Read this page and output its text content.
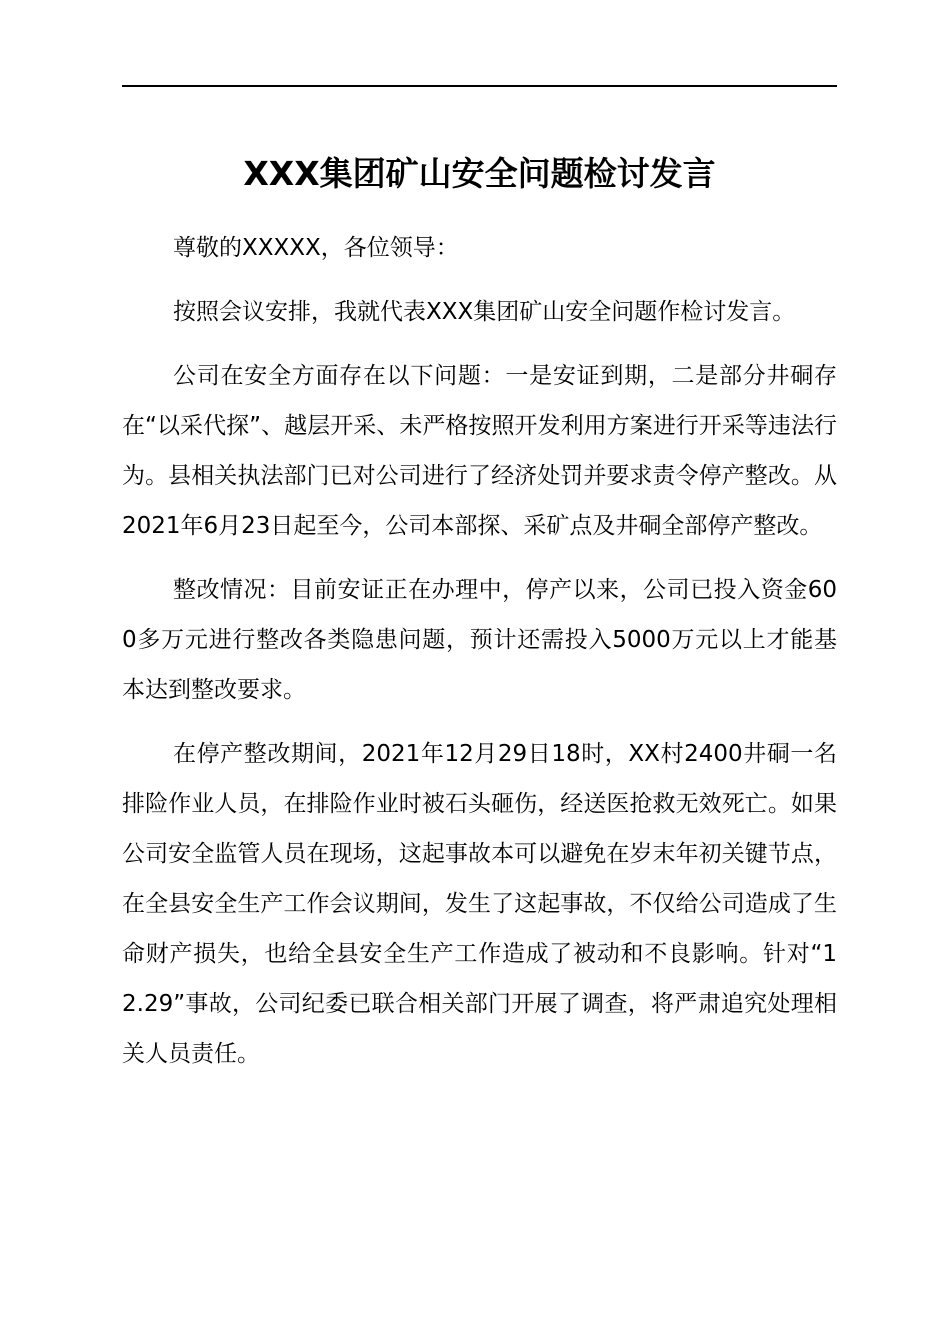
XXX集团矿山安全问题检讨发言

尊敬的XXXXX，各位领导：

按照会议安排，我就代表XXX集团矿山安全问题作检讨发言。

公司在安全方面存在以下问题：一是安证到期，二是部分井硐存在“以采代探”、越层开采、未严格按照开发利用方案进行开采等违法行为。县相关执法部门已对公司进行了经济处罚并要求责令停产整改。从2021年6月23日起至今，公司本部探、采矿点及井硐全部停产整改。

整改情况：目前安证正在办理中，停产以来，公司已投入资金600多万元进行整改各类隐患问题，预计还需投入5000万元以上才能基本达到整改要求。

在停产整改期间，2021年12月29日18时，XX村2400井硐一名排险作业人员，在排险作业时被石头砸伤，经送医抢救无效死亡。如果公司安全监管人员在现场，这起事故本可以避免在岁末年初关键节点，在全县安全生产工作会议期间，发生了这起事故，不仅给公司造成了生命财产损失，也给全县安全生产工作造成了被动和不良影响。针对“12.29”事故，公司纪委已联合相关部门开展了调查，将严肃追究处理相关人员责任。
